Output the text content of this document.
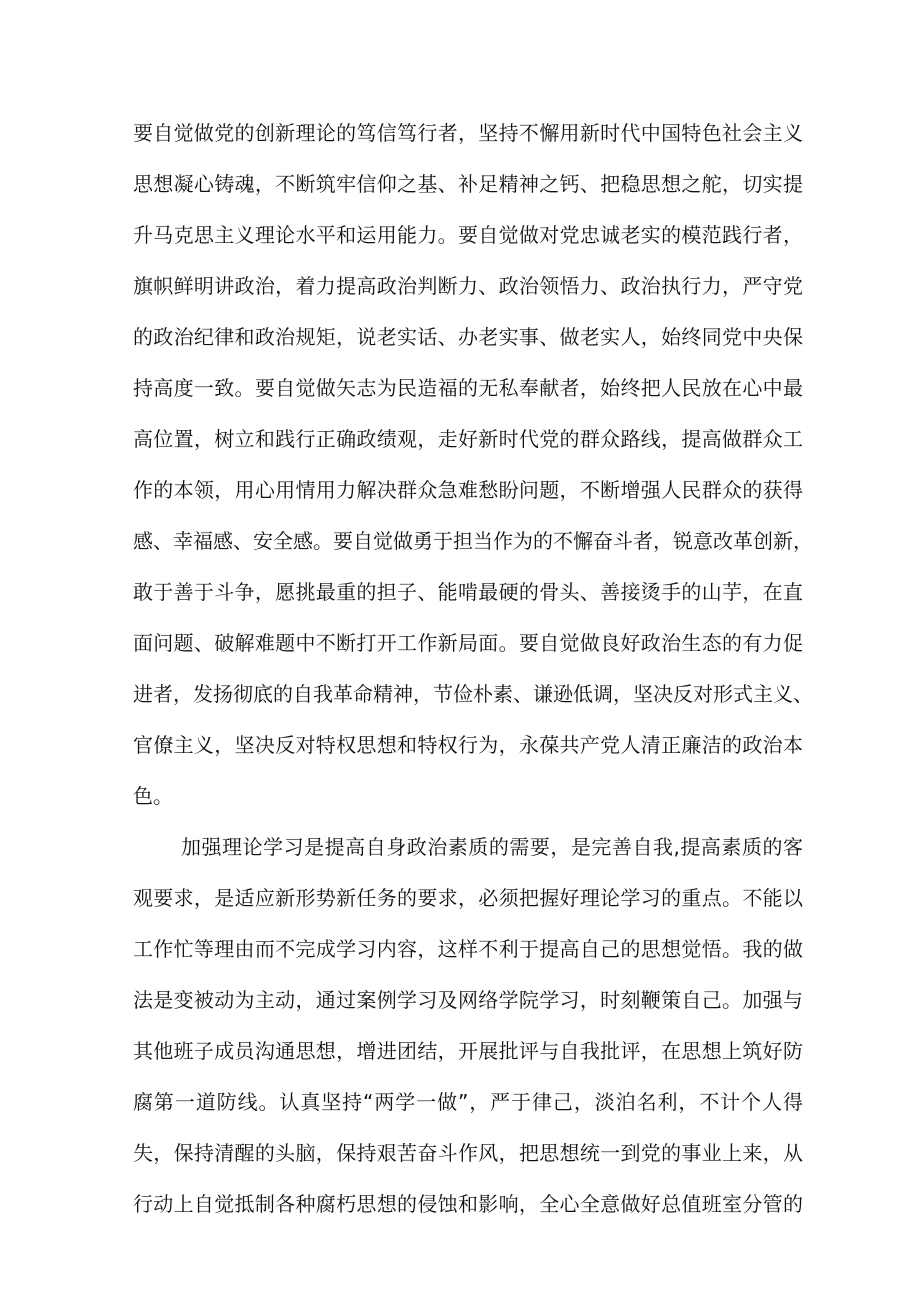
要自觉做党的创新理论的笃信笃行者，坚持不懈用新时代中国特色社会主义
思想凝心铸魂，不断筑牢信仰之基、补足精神之钙、把稳思想之舵，切实提
升马克思主义理论水平和运用能力。要自觉做对党忠诚老实的模范践行者，
旗帜鲜明讲政治，着力提高政治判断力、政治领悟力、政治执行力，严守党
的政治纪律和政治规矩，说老实话、办老实事、做老实人，始终同党中央保
持高度一致。要自觉做矢志为民造福的无私奉献者，始终把人民放在心中最
高位置，树立和践行正确政绩观，走好新时代党的群众路线，提高做群众工
作的本领，用心用情用力解决群众急难愁盼问题，不断增强人民群众的获得
感、幸福感、安全感。要自觉做勇于担当作为的不懈奋斗者，锐意改革创新，
敢于善于斗争，愿挑最重的担子、能啃最硬的骨头、善接烫手的山芋，在直
面问题、破解难题中不断打开工作新局面。要自觉做良好政治生态的有力促
进者，发扬彻底的自我革命精神，节俭朴素、谦逊低调，坚决反对形式主义、
官僚主义，坚决反对特权思想和特权行为，永葆共产党人清正廉洁的政治本
色。
加强理论学习是提高自身政治素质的需要，是完善自我,提高素质的客
观要求，是适应新形势新任务的要求，必须把握好理论学习的重点。不能以
工作忙等理由而不完成学习内容，这样不利于提高自己的思想觉悟。我的做
法是变被动为主动，通过案例学习及网络学院学习，时刻鞭策自己。加强与
其他班子成员沟通思想，增进团结，开展批评与自我批评，在思想上筑好防
腐第一道防线。认真坚持“两学一做”，严于律己，淡泊名利，不计个人得
失，保持清醒的头脑，保持艰苦奋斗作风，把思想统一到党的事业上来，从
行动上自觉抵制各种腐朽思想的侵蚀和影响，全心全意做好总值班室分管的
